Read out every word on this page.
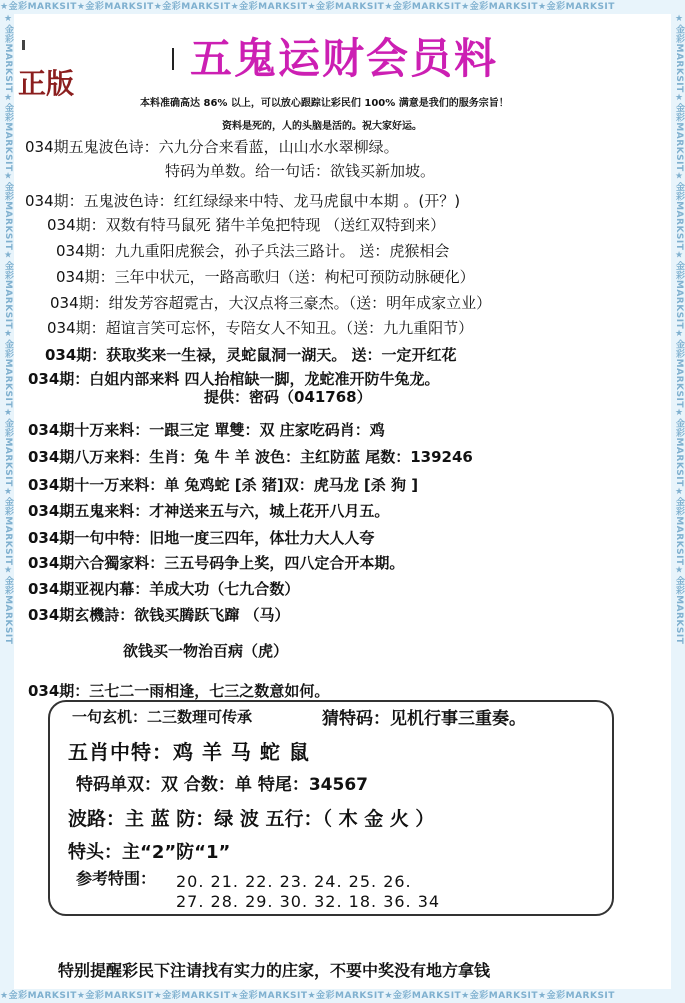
★金彩MARKSIT★金彩MARKSIT★金彩MARKSIT★金彩MARKSIT★金彩MARKSIT★金彩MARKSIT★金彩MARKSIT★金彩MARKSIT
★金彩MARKSIT★金彩MARKSIT★金彩MARKSIT★金彩MARKSIT★金彩MARKSIT★金彩MARKSIT★金彩MARKSIT★金彩MARKSIT
★金彩MARKSIT★金彩MARKSIT★金彩MARKSIT★金彩MARKSIT★金彩MARKSIT★金彩MARKSIT★金彩MARKSIT★金彩MARKSIT	★金彩MARKSIT★金彩MARKSIT★金彩MARKSIT★金彩MARKSIT★金彩MARKSIT★金彩MARKSIT★金彩MARKSIT★金彩MARKSIT
五鬼运财会员料
正版
本料准确高达 86% 以上，可以放心跟踪让彩民们 100% 满意是我们的服务宗旨！
资料是死的，人的头脑是活的。祝大家好运。
034期五鬼波色诗：六九分合来看蓝，山山水水翠柳绿。
特码为单数。给一句话：欲钱买新加坡。
034期：五鬼波色诗：红红绿绿来中特、龙马虎鼠中本期 。(开？)
034期：双数有特马鼠死 猪牛羊兔把特现 （送红双特到来）
034期：九九重阳虎猴会，孙子兵法三路计。 送：虎猴相会
034期：三年中状元，一路高歌归（送：枸杞可预防动脉硬化）
034期：绀发芳容超霓古，大汉点将三豪杰。（送：明年成家立业）
034期：超谊言笑可忘怀，专陪女人不知丑。（送：九九重阳节）
034期：获取奖来一生禄，灵蛇鼠洞一湖天。 送：一定开红花
034期：白姐内部来料 四人抬棺缺一脚，龙蛇准开防牛兔龙。
提供：密码（041768）
034期十万来料：一跟三定 單雙：双 庄家吃码肖：鸡
034期八万来料：生肖：兔 牛 羊 波色：主红防蓝 尾数：139246
034期十一万来料：单 兔鸡蛇 [杀 猪]双：虎马龙 [杀 狗 ]
034期五鬼来料：才神送来五与六，城上花开八月五。
034期一句中特：旧地一度三四年，体壮力大人人夸
034期六合獨家料：三五号码争上奖，四八定合开本期。
034期亚视内幕：羊成大功（七九合数）
034期玄機詩：欲钱买腾跃飞蹿 （马）
欲钱买一物治百病（虎）
034期：三七二一雨相逢，七三之数意如何。
一句玄机：二三数理可传承	猜特码：见机行事三重奏。
五肖中特：鸡 羊 马 蛇 鼠
特码单双：双 合数：单 特尾：34567
波路：主 蓝 防：绿 波 五行：（ 木 金 火 ）
特头：主“2”防“1”
参考特围： 20. 21. 22. 23. 24. 25. 26.
27. 28. 29. 30. 32. 18. 36. 34
特别提醒彩民下注请找有实力的庄家，不要中奖没有地方拿钱
